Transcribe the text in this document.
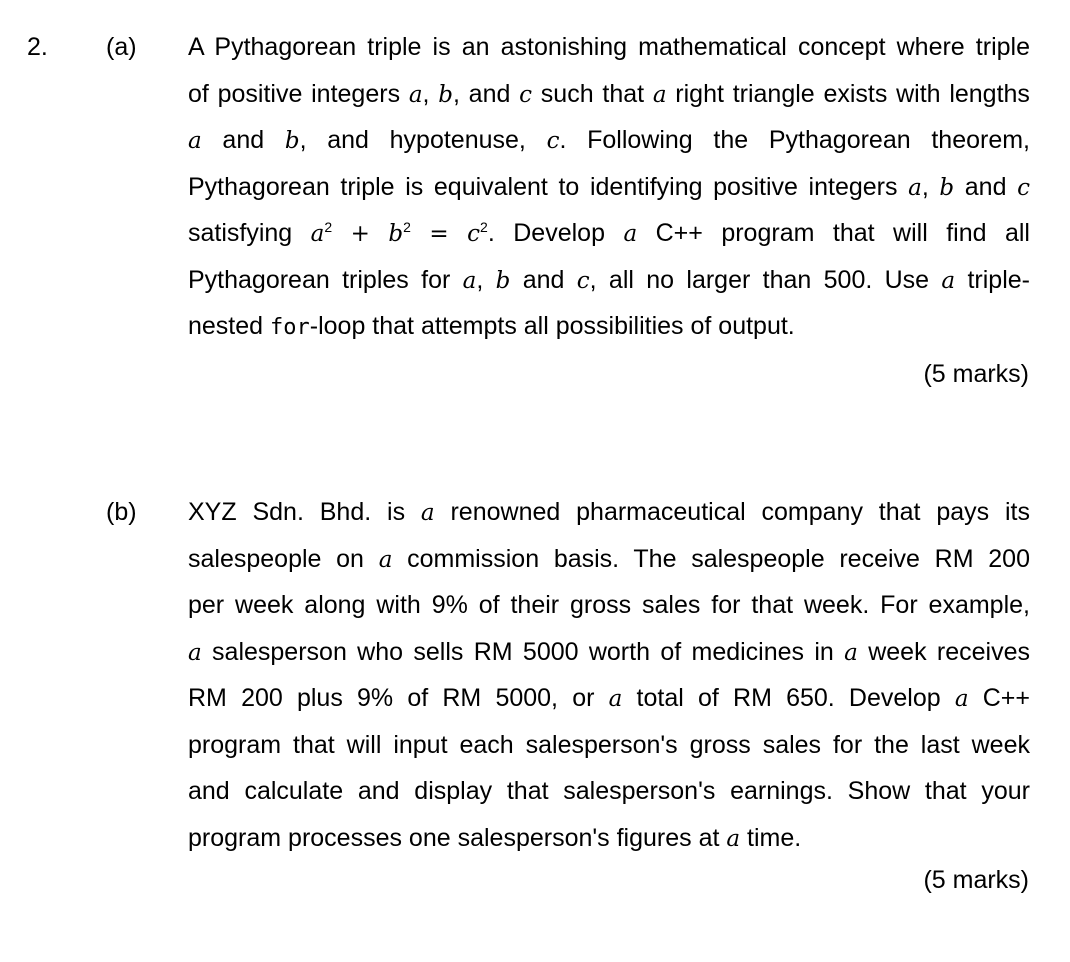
2. (a) A Pythagorean triple is an astonishing mathematical concept where triple
of positive integers a, b, and c such that a right triangle exists with lengths
a and b, and hypotenuse, c. Following the Pythagorean theorem,
Pythagorean triple is equivalent to identifying positive integers a, b and c
satisfying $a^2 + b^2 = c^2$. Develop a C++ program that will find all
Pythagorean triples for a, b and c, all no larger than 500. Use a triple-
nested for-loop that attempts all possibilities of output.
(5 marks)
(b) XYZ Sdn. Bhd. is a renowned pharmaceutical company that pays its
salespeople on a commission basis. The salespeople receive RM 200
per week along with 9% of their gross sales for that week. For example,
a salesperson who sells RM 5000 worth of medicines in a week receives
RM 200 plus 9% of RM 5000, or a total of RM 650. Develop a C++
program that will input each salesperson's gross sales for the last week
and calculate and display that salesperson's earnings. Show that your
program processes one salesperson's figures at a time.
(5 marks)
